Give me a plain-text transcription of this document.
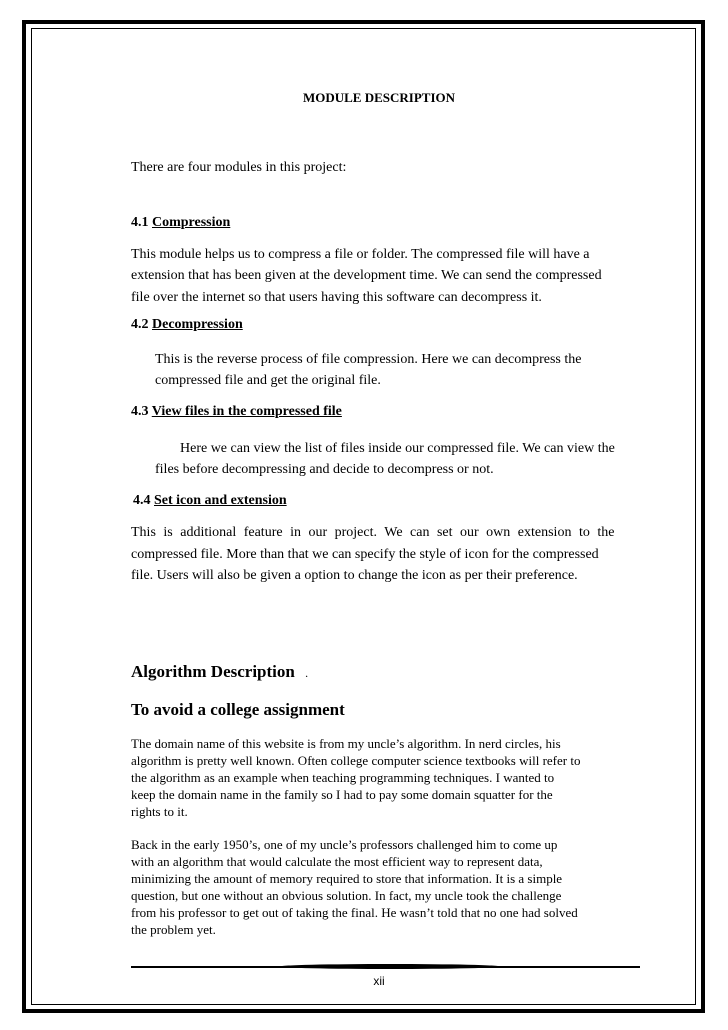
MODULE DESCRIPTION
There are four modules in this project:
4.1 Compression
This module helps us to compress a file or folder. The compressed file will have a
extension that has been given at the development time. We can send the compressed
file over the internet so that users having this software can decompress it.
4.2 Decompression
This is the reverse process of file compression. Here we can decompress the
compressed file and get the original file.
4.3 View files in the compressed file
Here we can view the list of files inside our compressed file. We can view the
files before decompressing and decide to decompress or not.
4.4 Set icon and extension
This is additional feature in our project. We can set our own extension to the
compressed file. More than that we can specify the style of icon for the compressed
file. Users will also be given a option to change the icon as per their preference.
Algorithm Description .
To avoid a college assignment
The domain name of this website is from my uncle’s algorithm. In nerd circles, his
algorithm is pretty well known. Often college computer science textbooks will refer to
the algorithm as an example when teaching programming techniques. I wanted to
keep the domain name in the family so I had to pay some domain squatter for the
rights to it.
Back in the early 1950’s, one of my uncle’s professors challenged him to come up
with an algorithm that would calculate the most efficient way to represent data,
minimizing the amount of memory required to store that information. It is a simple
question, but one without an obvious solution. In fact, my uncle took the challenge
from his professor to get out of taking the final. He wasn’t told that no one had solved
the problem yet.
xii
